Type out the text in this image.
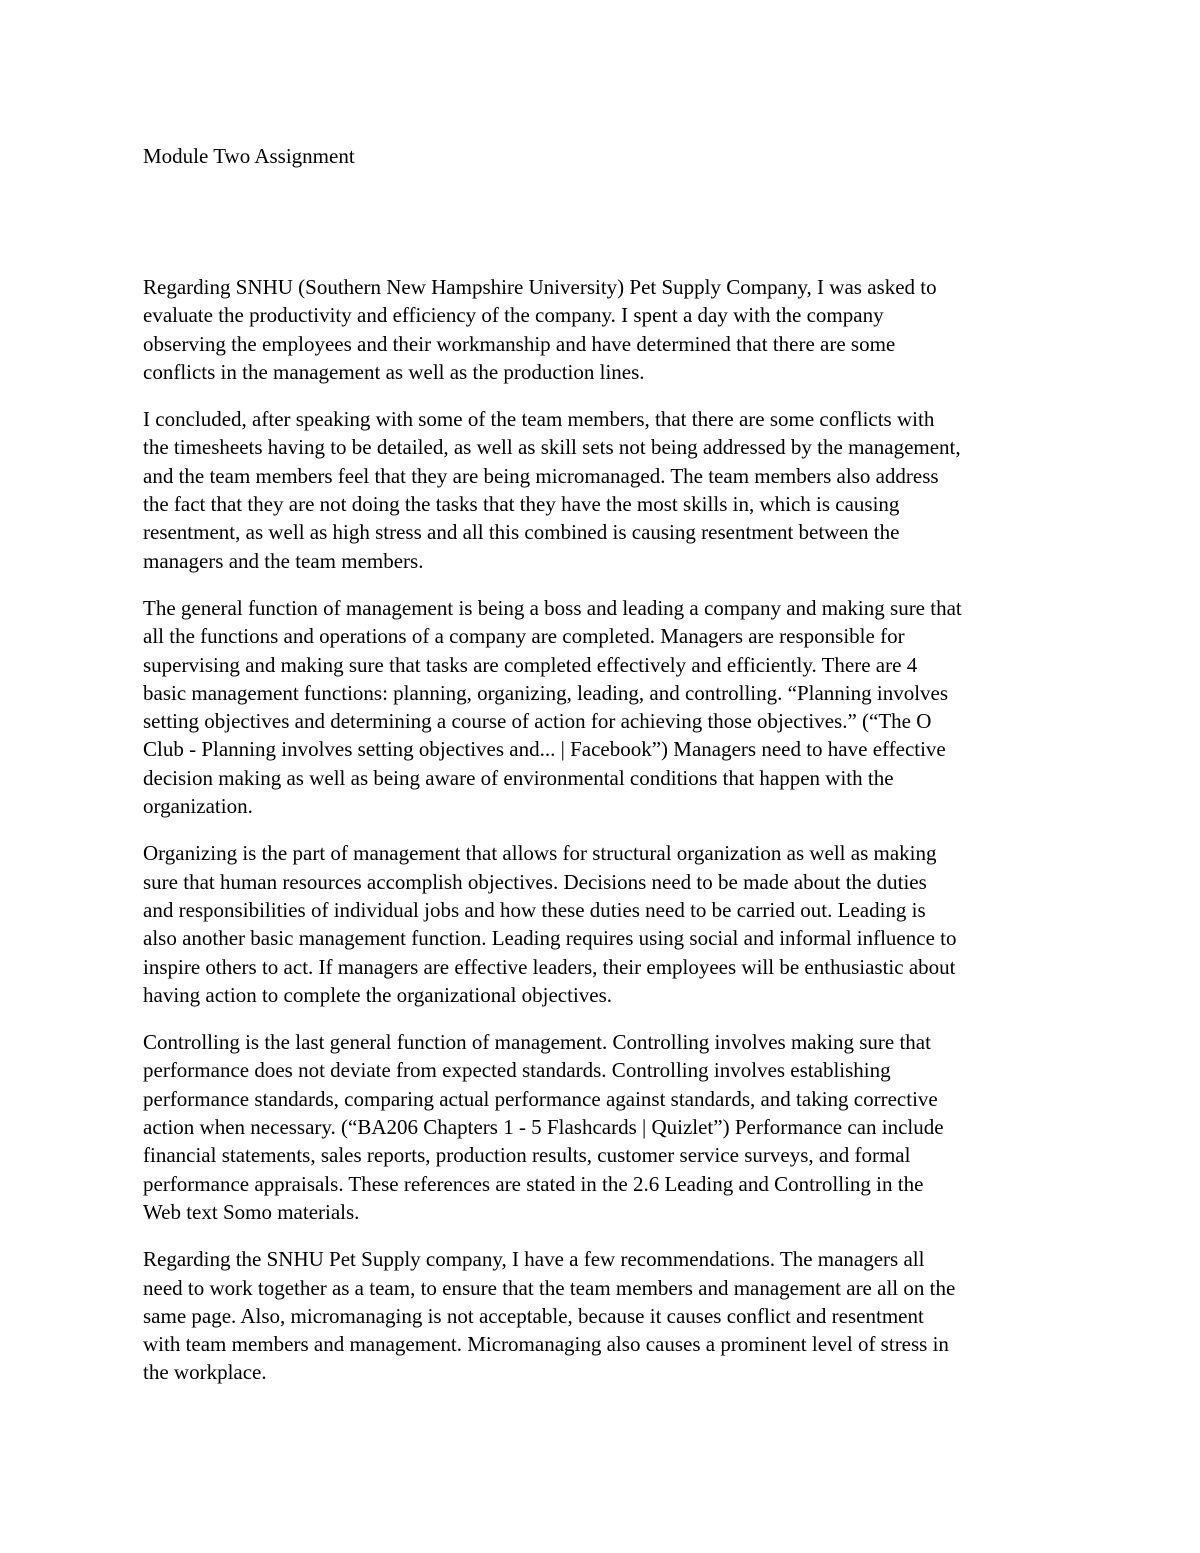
Module Two Assignment

Regarding SNHU (Southern New Hampshire University) Pet Supply Company, I was asked to
evaluate the productivity and efficiency of the company. I spent a day with the company
observing the employees and their workmanship and have determined that there are some
conflicts in the management as well as the production lines.

I concluded, after speaking with some of the team members, that there are some conflicts with
the timesheets having to be detailed, as well as skill sets not being addressed by the management,
and the team members feel that they are being micromanaged. The team members also address
the fact that they are not doing the tasks that they have the most skills in, which is causing
resentment, as well as high stress and all this combined is causing resentment between the
managers and the team members.

The general function of management is being a boss and leading a company and making sure that
all the functions and operations of a company are completed. Managers are responsible for
supervising and making sure that tasks are completed effectively and efficiently. There are 4
basic management functions: planning, organizing, leading, and controlling. “Planning involves
setting objectives and determining a course of action for achieving those objectives.” (“The O
Club - Planning involves setting objectives and... | Facebook”) Managers need to have effective
decision making as well as being aware of environmental conditions that happen with the
organization.

Organizing is the part of management that allows for structural organization as well as making
sure that human resources accomplish objectives. Decisions need to be made about the duties
and responsibilities of individual jobs and how these duties need to be carried out. Leading is
also another basic management function. Leading requires using social and informal influence to
inspire others to act. If managers are effective leaders, their employees will be enthusiastic about
having action to complete the organizational objectives.

Controlling is the last general function of management. Controlling involves making sure that
performance does not deviate from expected standards. Controlling involves establishing
performance standards, comparing actual performance against standards, and taking corrective
action when necessary. (“BA206 Chapters 1 - 5 Flashcards | Quizlet”) Performance can include
financial statements, sales reports, production results, customer service surveys, and formal
performance appraisals. These references are stated in the 2.6 Leading and Controlling in the
Web text Somo materials.

Regarding the SNHU Pet Supply company, I have a few recommendations. The managers all
need to work together as a team, to ensure that the team members and management are all on the
same page. Also, micromanaging is not acceptable, because it causes conflict and resentment
with team members and management. Micromanaging also causes a prominent level of stress in
the workplace.
